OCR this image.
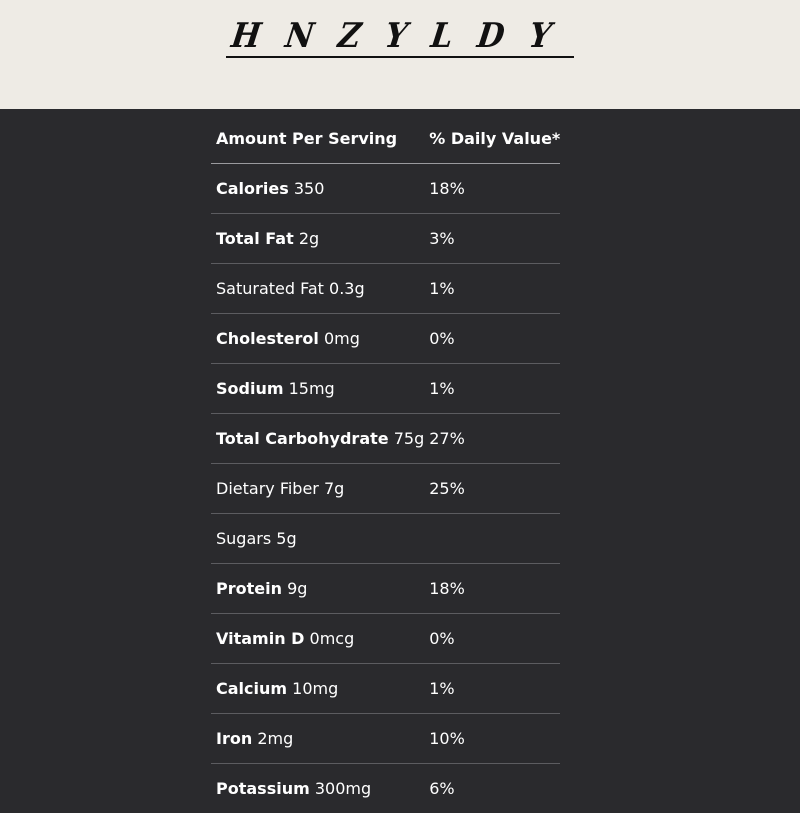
H N Z Y L D Y
Amount Per Serving	% Daily Value*
Calories 350	18%
Total Fat 2g	3%
Saturated Fat 0.3g	1%
Cholesterol 0mg	0%
Sodium 15mg	1%
Total Carbohydrate 75g	27%
Dietary Fiber 7g	25%
Sugars 5g	
Protein 9g	18%
Vitamin D 0mcg	0%
Calcium 10mg	1%
Iron 2mg	10%
Potassium 300mg	6%
